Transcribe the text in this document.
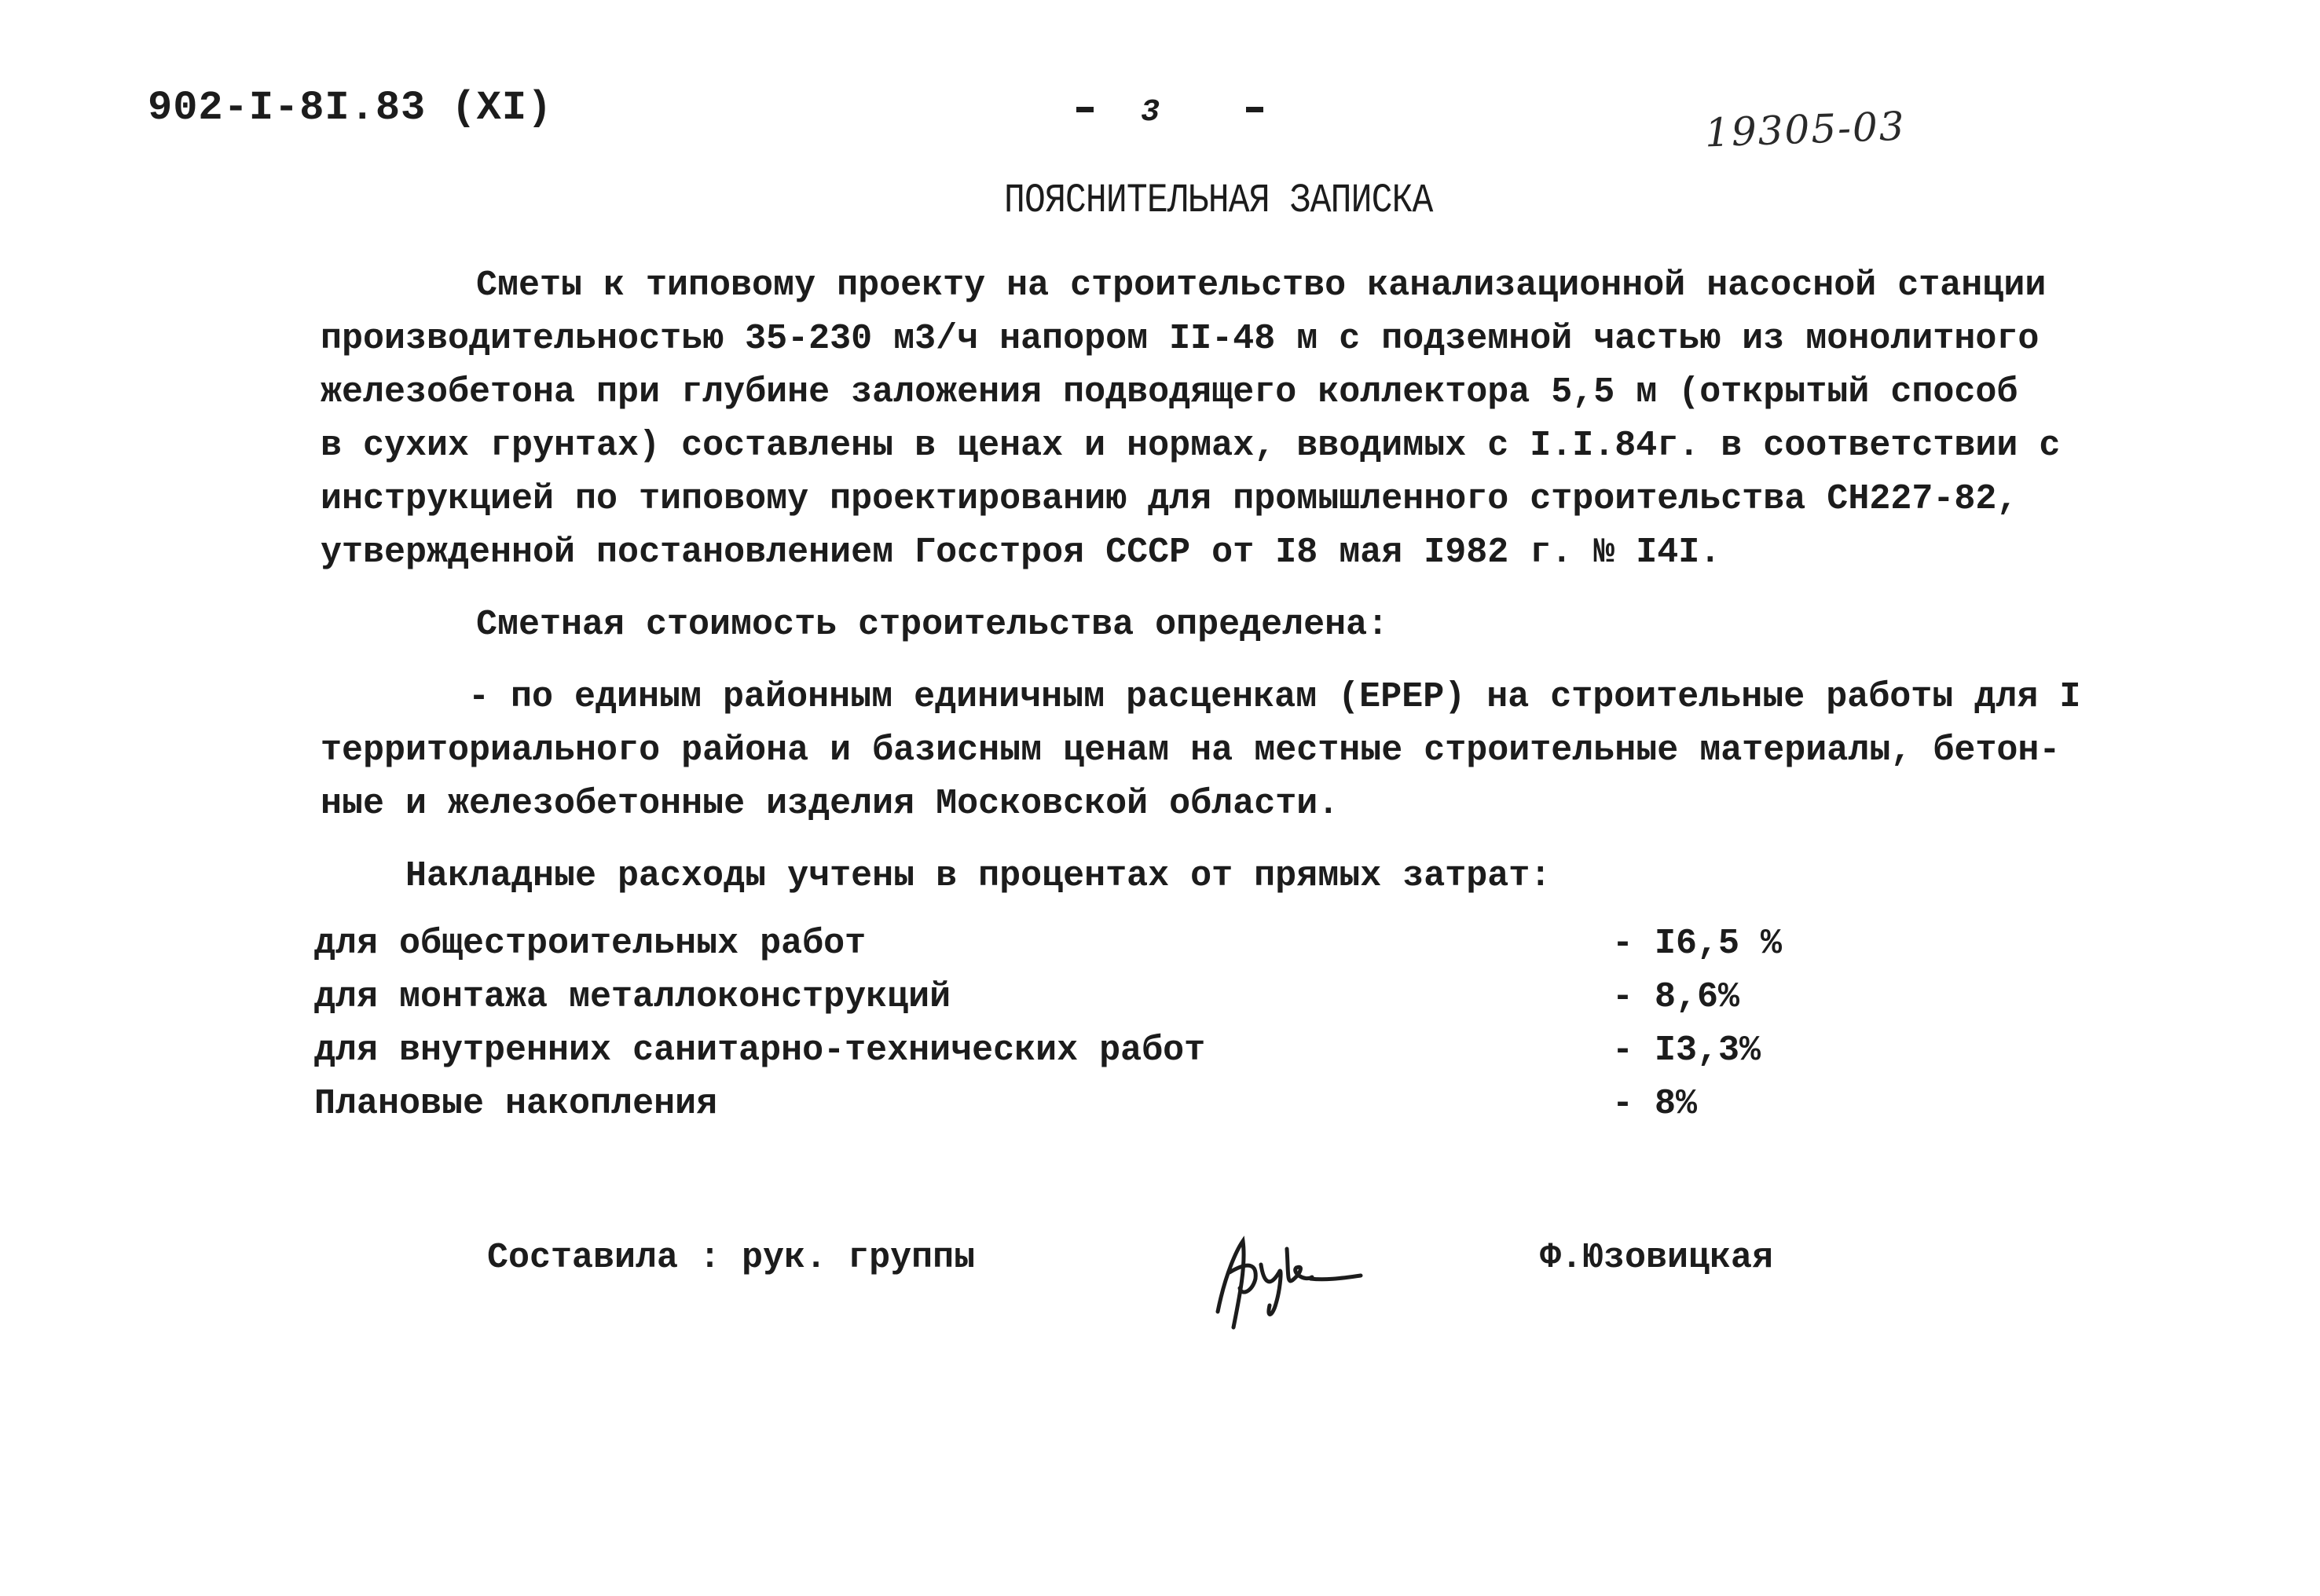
902-I-8I.83 (XI)	3	19305-03
ПОЯСНИТЕЛЬНАЯ ЗАПИСКА
Сметы к типовому проекту на строительство канализационной насосной станции
производительностью 35-230 м3/ч напором II-48 м с подземной частью из монолитного
железобетона при глубине заложения подводящего коллектора 5,5 м (открытый способ
в сухих грунтах) составлены в ценах и нормах, вводимых с I.I.84г. в соответствии с
инструкцией по типовому проектированию для промышленного строительства СН227-82,
утвержденной постановлением Госстроя СССР от I8 мая I982 г. № I4I.
Сметная стоимость строительства определена:
- по единым районным единичным расценкам (ЕРЕР) на строительные работы для I
территориального района и базисным ценам на местные строительные материалы, бетон-
ные и железобетонные изделия Московской области.
Накладные расходы учтены в процентах от прямых затрат:
для общестроительных работ	- I6,5 %
для монтажа металлоконструкций	- 8,6%
для внутренних санитарно-технических работ	- I3,3%
Плановые накопления	- 8%
Составила : рук. группы	Ф.Юзовицкая
